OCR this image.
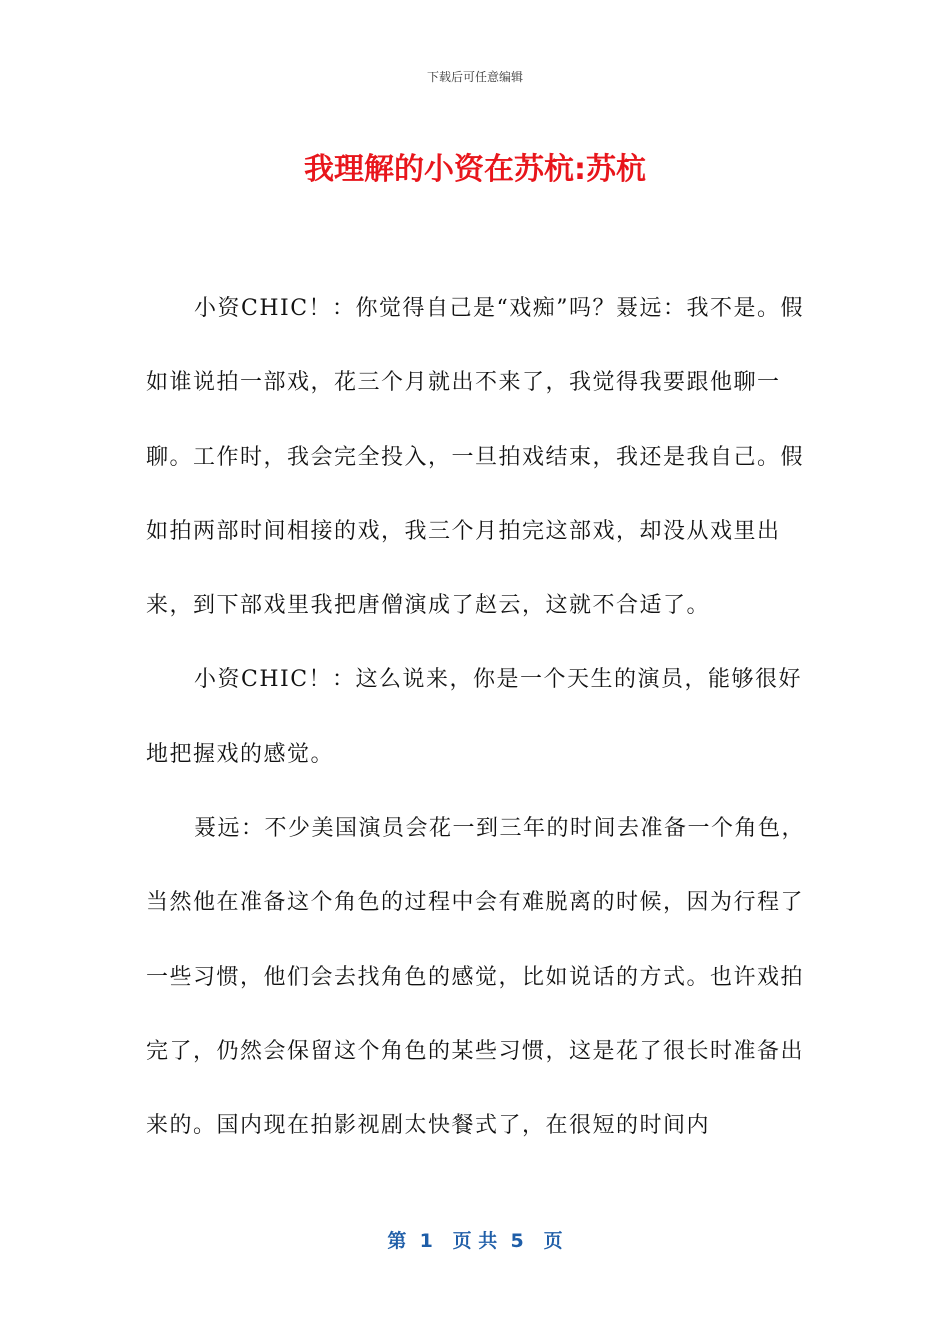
下载后可任意编辑
我理解的小资在苏杭:苏杭

小资CHIC！：你觉得自己是“戏痴”吗？聂远：我不是。假如谁说拍一部戏，花三个月就出不来了，我觉得我要跟他聊一聊。工作时，我会完全投入，一旦拍戏结束，我还是我自己。假如拍两部时间相接的戏，我三个月拍完这部戏，却没从戏里出来，到下部戏里我把唐僧演成了赵云，这就不合适了。

小资CHIC！：这么说来，你是一个天生的演员，能够很好地把握戏的感觉。

聂远：不少美国演员会花一到三年的时间去准备一个角色，当然他在准备这个角色的过程中会有难脱离的时候，因为行程了一些习惯，他们会去找角色的感觉，比如说话的方式。也许戏拍完了，仍然会保留这个角色的某些习惯，这是花了很长时准备出来的。国内现在拍影视剧太快餐式了，在很短的时间内

第  1   页 共  5   页
